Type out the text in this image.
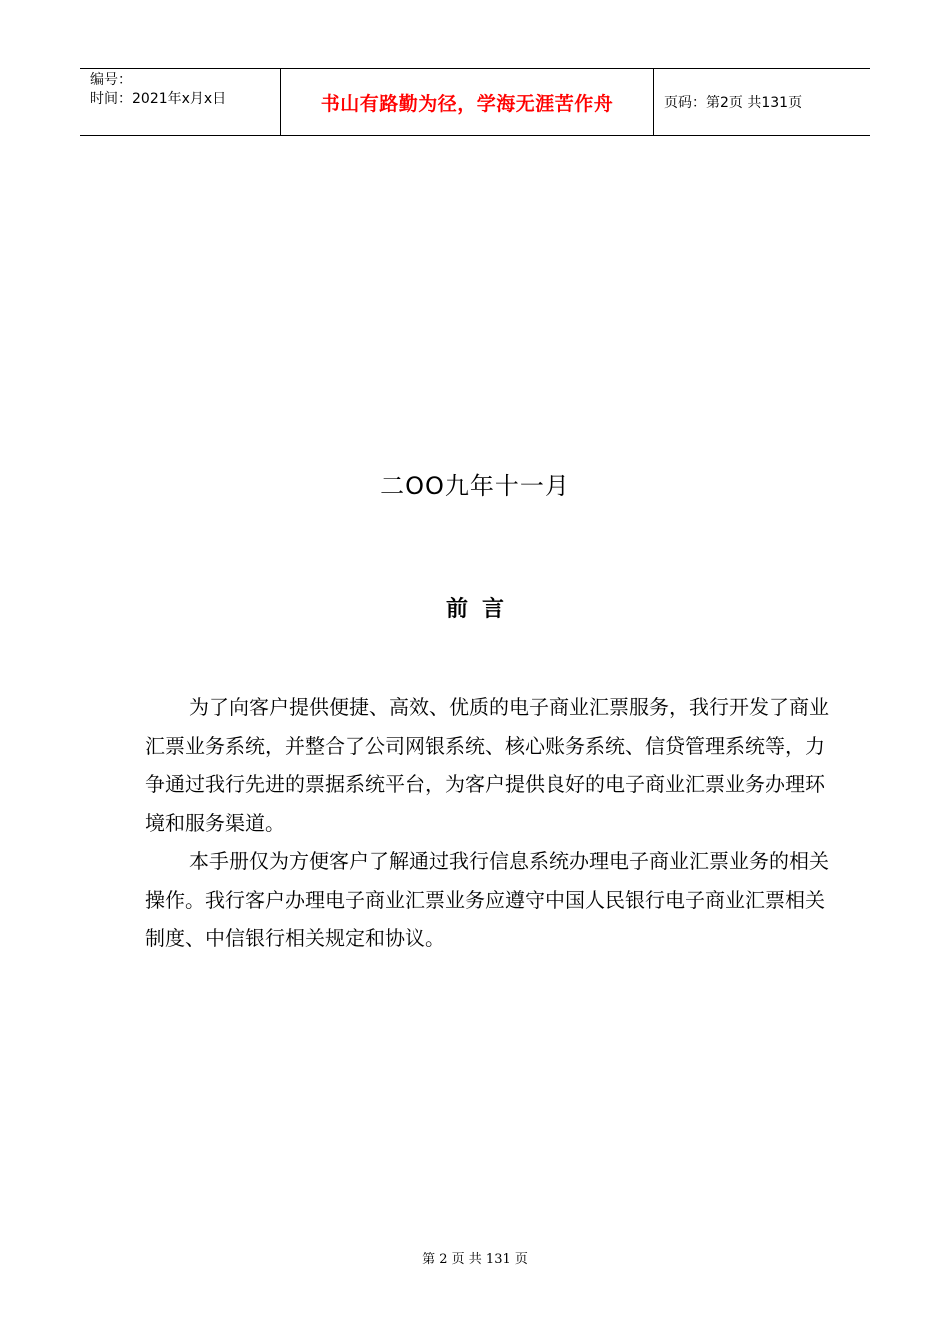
编号：
时间：2021年x月x日	书山有路勤为径，学海无涯苦作舟	页码：第2页 共131页
二OO九年十一月
前言

为了向客户提供便捷、高效、优质的电子商业汇票服务，我行开发了商业汇票业务系统，并整合了公司网银系统、核心账务系统、信贷管理系统等，力争通过我行先进的票据系统平台，为客户提供良好的电子商业汇票业务办理环境和服务渠道。

本手册仅为方便客户了解通过我行信息系统办理电子商业汇票业务的相关操作。我行客户办理电子商业汇票业务应遵守中国人民银行电子商业汇票相关制度、中信银行相关规定和协议。

第 2 页 共 131 页
